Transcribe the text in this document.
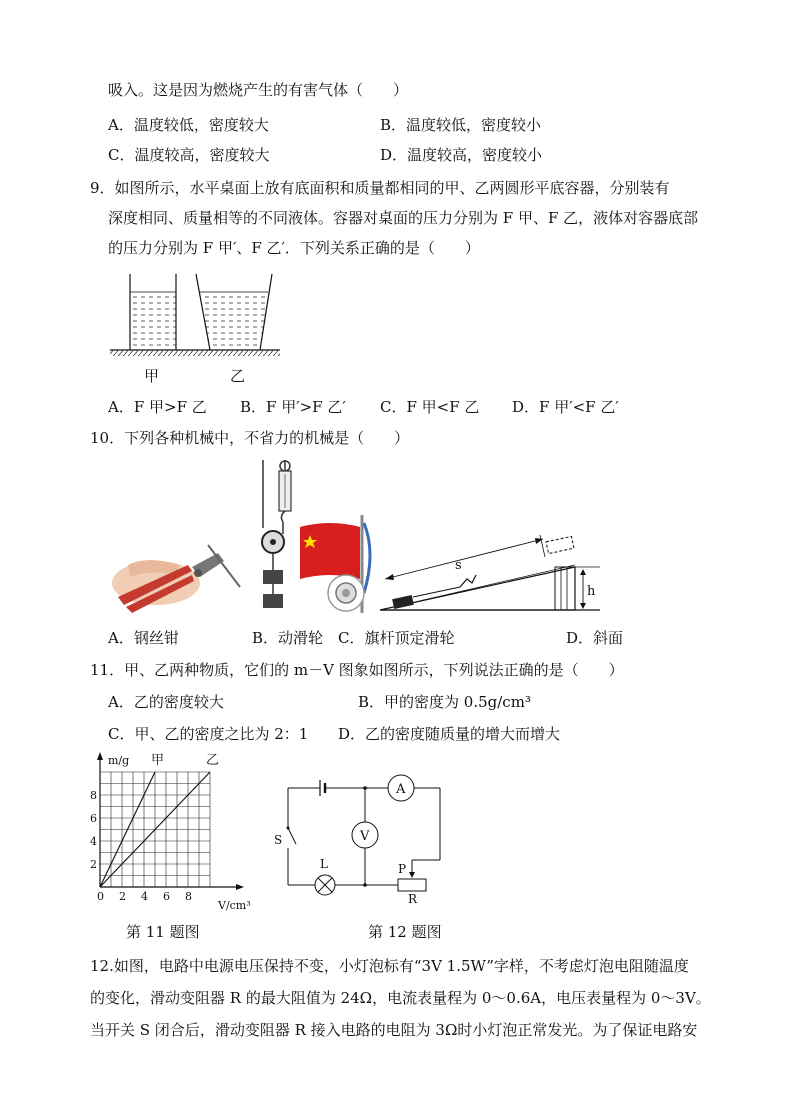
吸入。这是因为燃烧产生的有害气体（　　）
A．温度较低，密度较大	B．温度较低，密度较小
C．温度较高，密度较大	D．温度较高，密度较小
9．如图所示，水平桌面上放有底面积和质量都相同的甲、乙两圆形平底容器，分别装有
深度相同、质量相等的不同液体。容器对桌面的压力分别为 F 甲、F 乙，液体对容器底部
的压力分别为 F 甲′、F 乙′．下列关系正确的是（　　）
甲	乙
A．F 甲>F 乙 B．F 甲′>F 乙′ C．F 甲<F 乙 D．F 甲′<F 乙′
10．下列各种机械中，不省力的机械是（　　）
s
h
A．钢丝钳	B．动滑轮 C．旗杆顶定滑轮	D．斜面
11．甲、乙两种物质，它们的 m－V 图象如图所示，下列说法正确的是（　　）
A．乙的密度较大	B．甲的密度为 0.5g/cm³
C．甲、乙的密度之比为 2：1 D．乙的密度随质量的增大而增大
0 2 4 6 8
2
4
6
8
m/g
V/cm³
甲	乙
第 11 题图
A
P
S
L
R
V
第 12 题图
12.如图，电路中电源电压保持不变，小灯泡标有“3V 1.5W”字样，不考虑灯泡电阻随温度
的变化，滑动变阻器 R 的最大阻值为 24Ω，电流表量程为 0～0.6A，电压表量程为 0～3V。
当开关 S 闭合后，滑动变阻器 R 接入电路的电阻为 3Ω时小灯泡正常发光。为了保证电路安
